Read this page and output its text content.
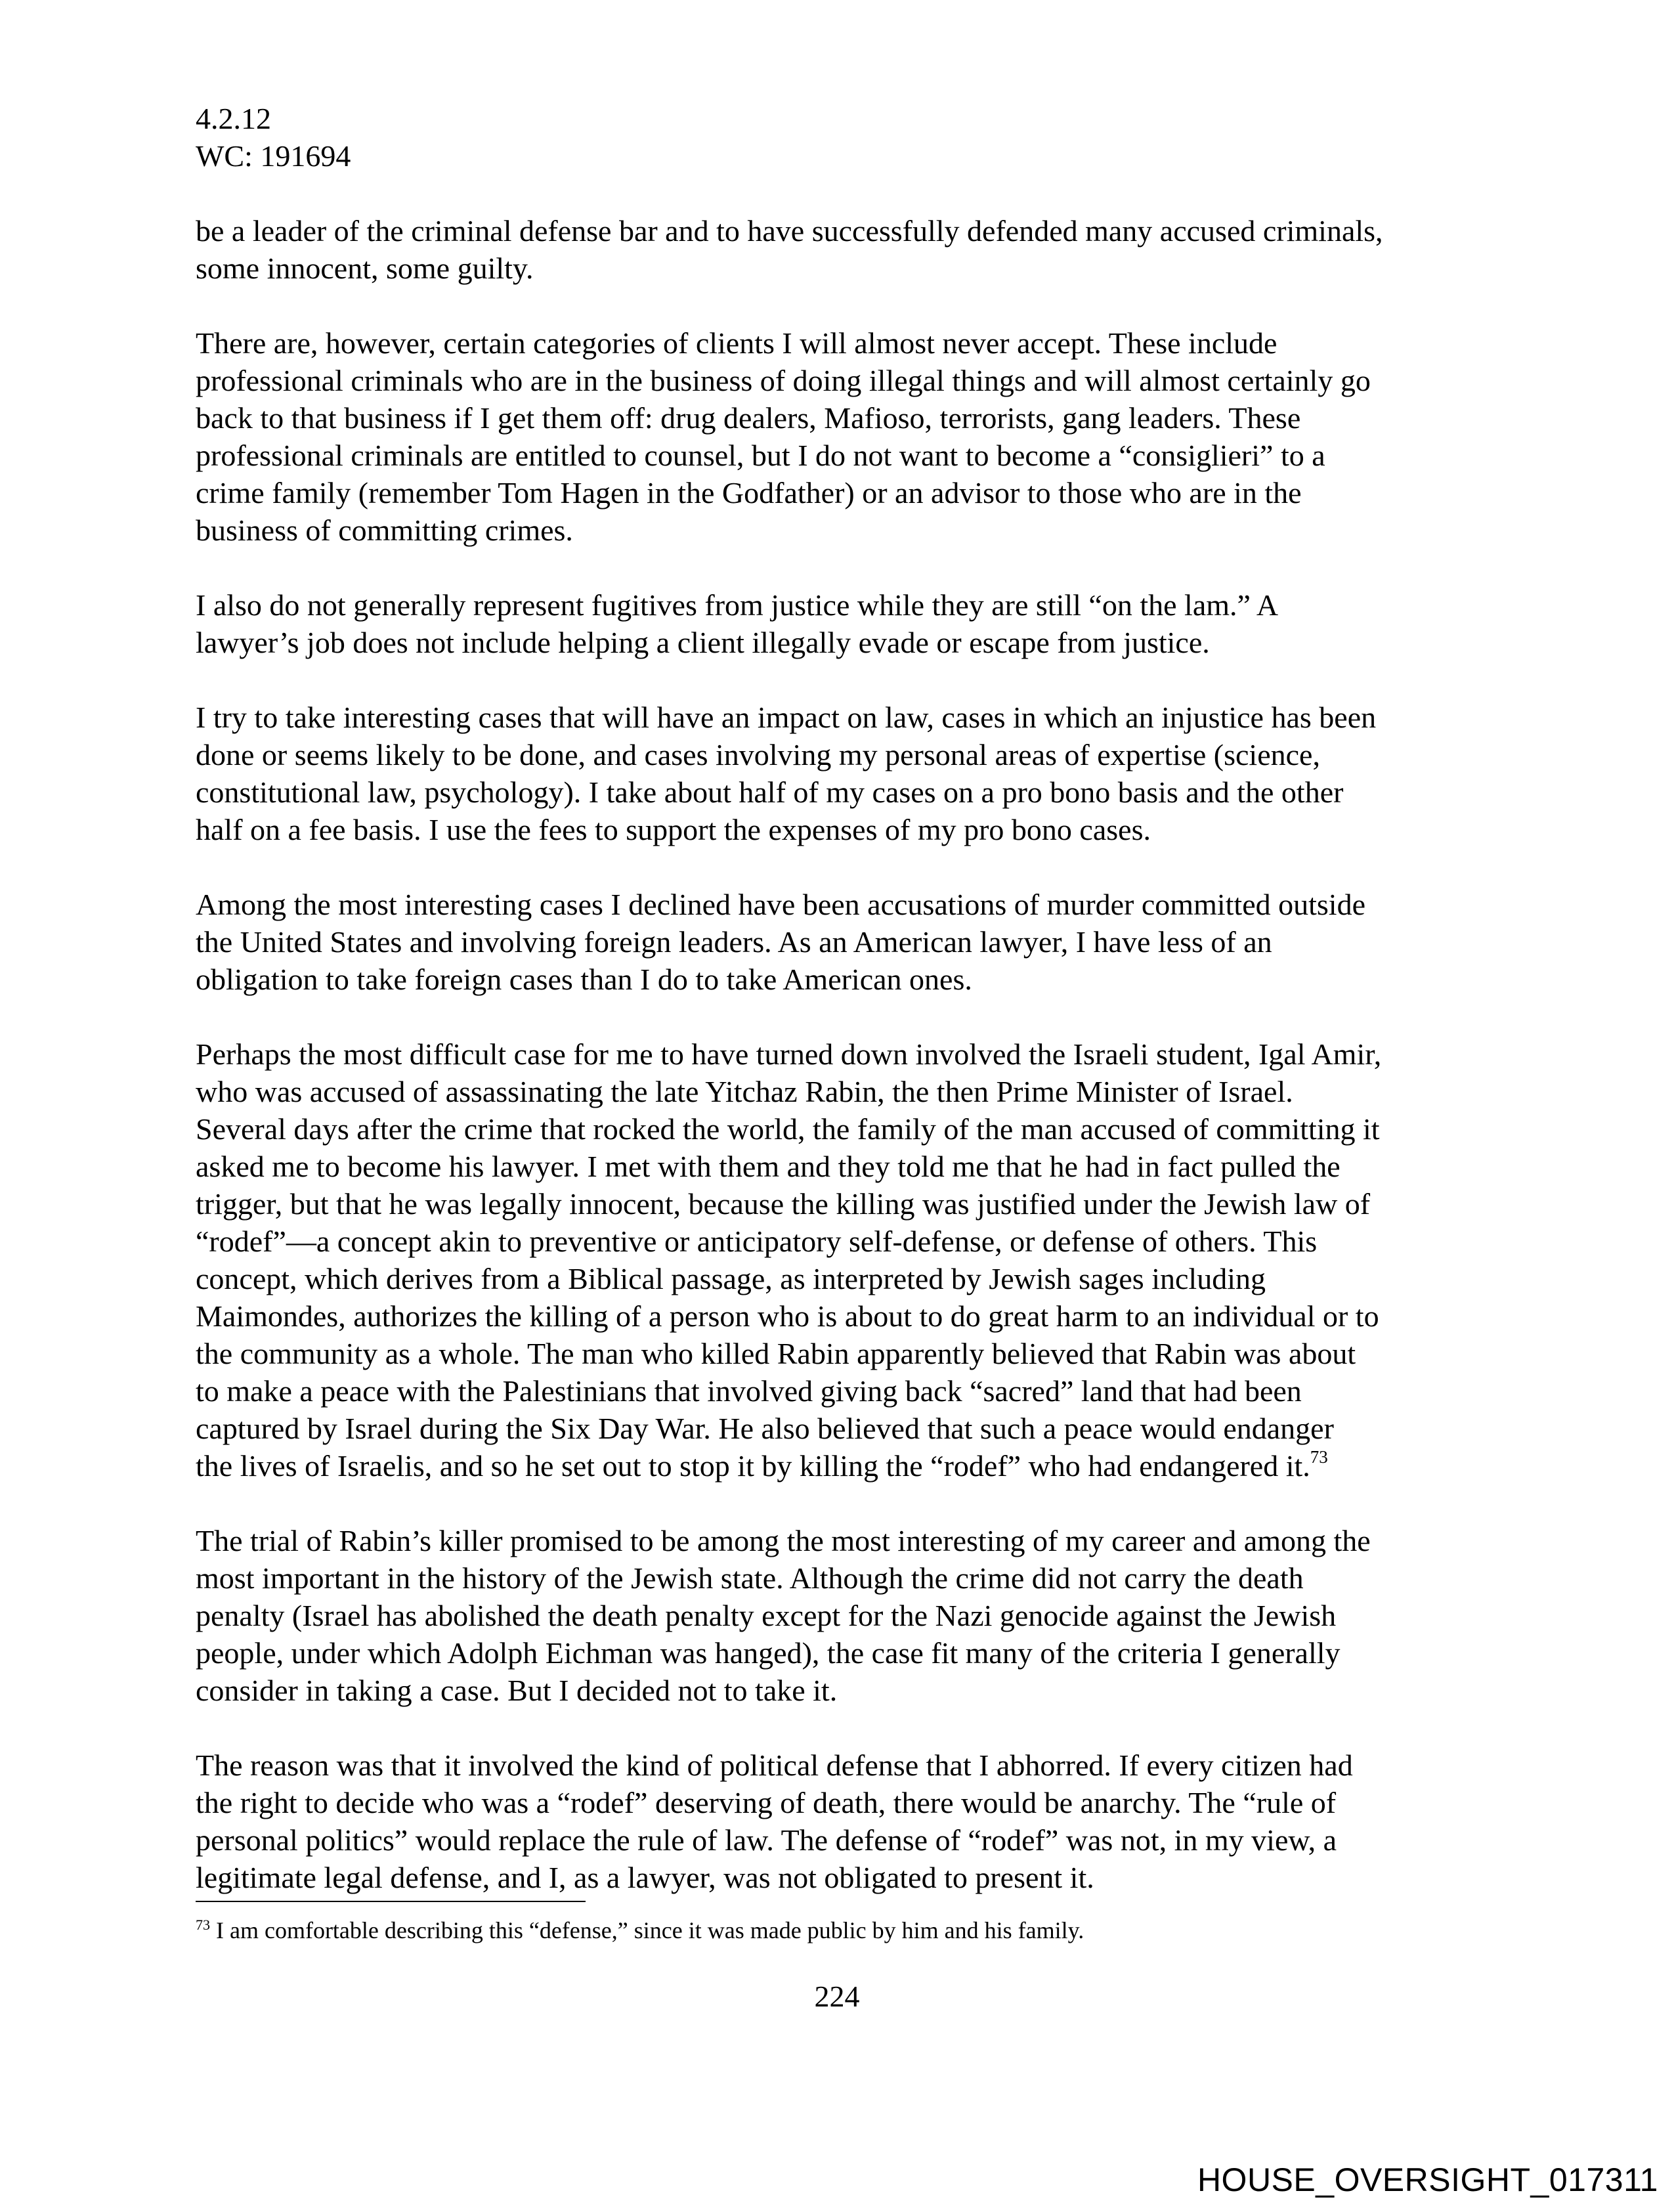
4.2.12
WC: 191694

be a leader of the criminal defense bar and to have successfully defended many accused criminals,
some innocent, some guilty.

There are, however, certain categories of clients I will almost never accept. These include
professional criminals who are in the business of doing illegal things and will almost certainly go
back to that business if I get them off: drug dealers, Mafioso, terrorists, gang leaders. These
professional criminals are entitled to counsel, but I do not want to become a “consiglieri” to a
crime family (remember Tom Hagen in the Godfather) or an advisor to those who are in the
business of committing crimes.

I also do not generally represent fugitives from justice while they are still “on the lam.” A
lawyer’s job does not include helping a client illegally evade or escape from justice.

I try to take interesting cases that will have an impact on law, cases in which an injustice has been
done or seems likely to be done, and cases involving my personal areas of expertise (science,
constitutional law, psychology). I take about half of my cases on a pro bono basis and the other
half on a fee basis. I use the fees to support the expenses of my pro bono cases.

Among the most interesting cases I declined have been accusations of murder committed outside
the United States and involving foreign leaders. As an American lawyer, I have less of an
obligation to take foreign cases than I do to take American ones.

Perhaps the most difficult case for me to have turned down involved the Israeli student, Igal Amir,
who was accused of assassinating the late Yitchaz Rabin, the then Prime Minister of Israel.
Several days after the crime that rocked the world, the family of the man accused of committing it
asked me to become his lawyer. I met with them and they told me that he had in fact pulled the
trigger, but that he was legally innocent, because the killing was justified under the Jewish law of
“rodef”—a concept akin to preventive or anticipatory self-defense, or defense of others. This
concept, which derives from a Biblical passage, as interpreted by Jewish sages including
Maimondes, authorizes the killing of a person who is about to do great harm to an individual or to
the community as a whole. The man who killed Rabin apparently believed that Rabin was about
to make a peace with the Palestinians that involved giving back “sacred” land that had been
captured by Israel during the Six Day War. He also believed that such a peace would endanger
the lives of Israelis, and so he set out to stop it by killing the “rodef” who had endangered it.$^{73}$

The trial of Rabin’s killer promised to be among the most interesting of my career and among the
most important in the history of the Jewish state. Although the crime did not carry the death
penalty (Israel has abolished the death penalty except for the Nazi genocide against the Jewish
people, under which Adolph Eichman was hanged), the case fit many of the criteria I generally
consider in taking a case. But I decided not to take it.

The reason was that it involved the kind of political defense that I abhorred. If every citizen had
the right to decide who was a “rodef” deserving of death, there would be anarchy. The “rule of
personal politics” would replace the rule of law. The defense of “rodef” was not, in my view, a
legitimate legal defense, and I, as a lawyer, was not obligated to present it.

$^{73}$ I am comfortable describing this “defense,” since it was made public by him and his family.
224
HOUSE_OVERSIGHT_017311
